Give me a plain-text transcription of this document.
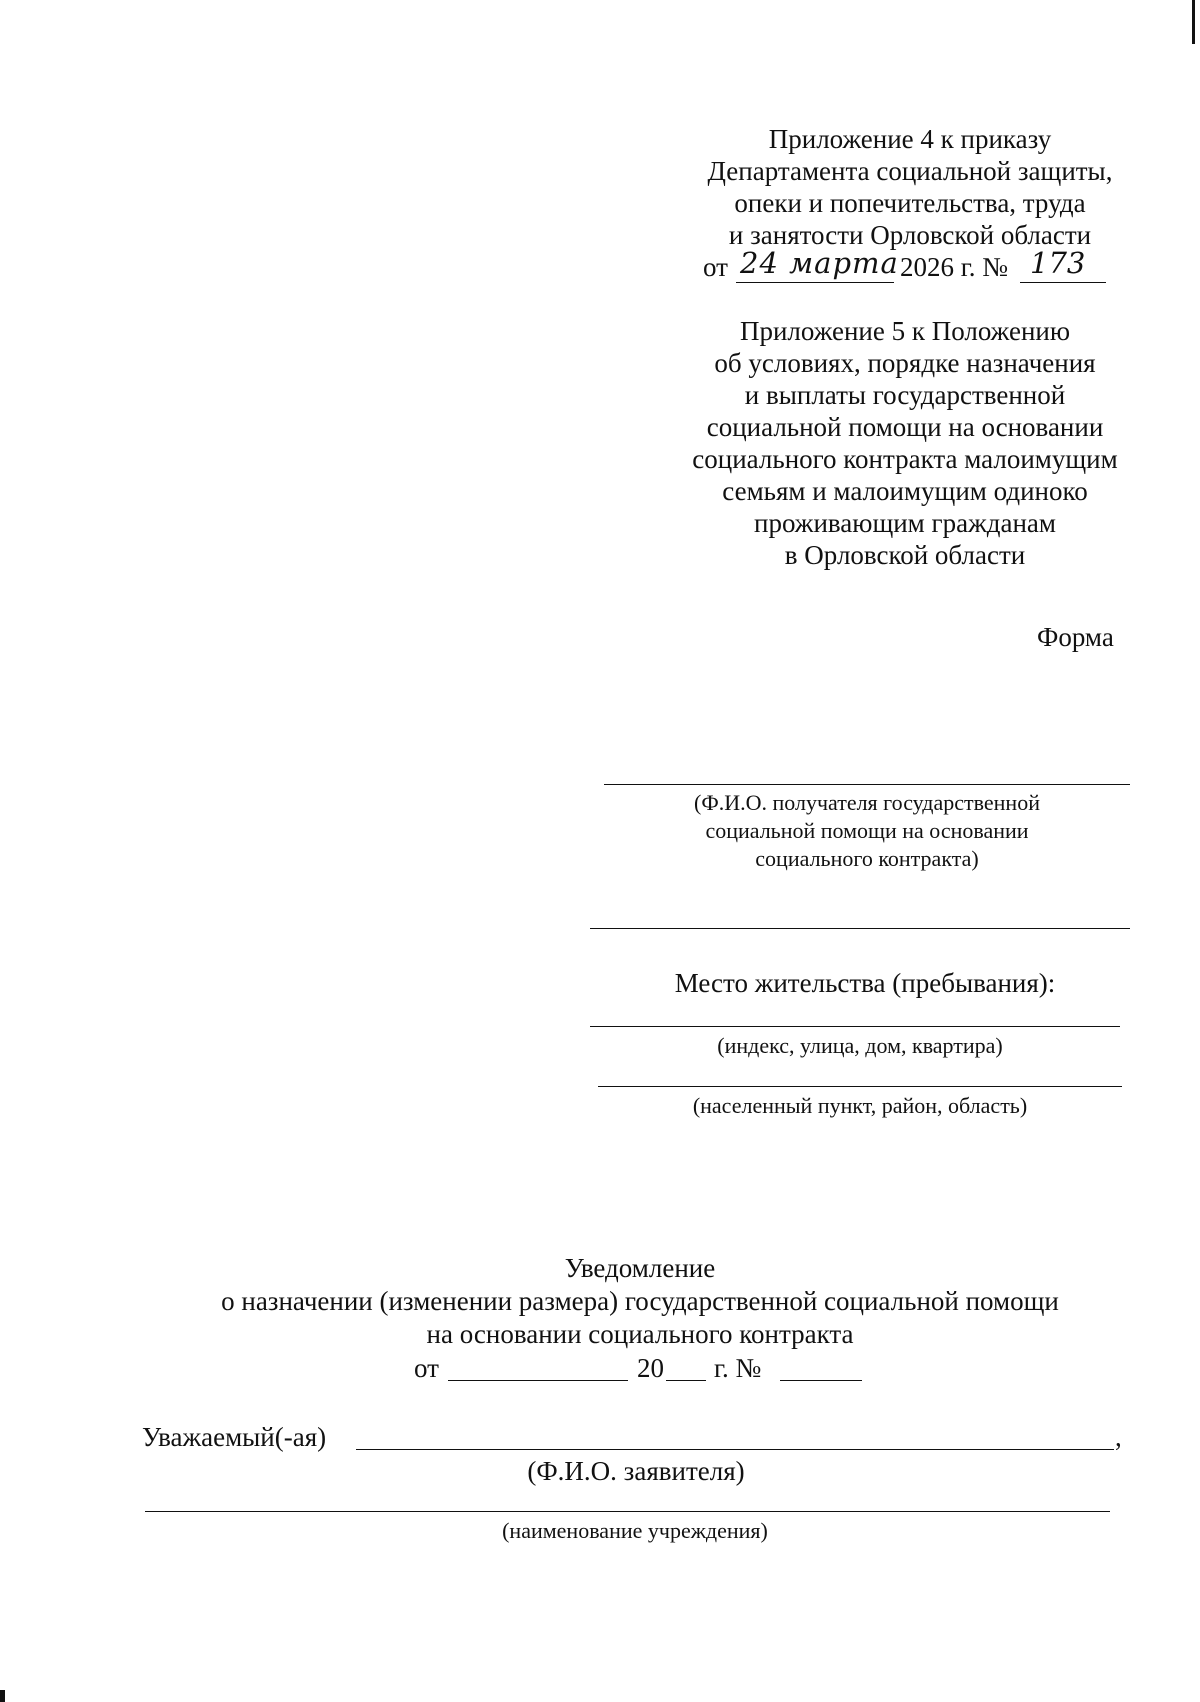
Приложение 4 к приказу
Департамента социальной защиты,
опеки и попечительства, труда
и занятости Орловской области
от 24 марта 2026 г. № 173
Приложение 5 к Положению
об условиях, порядке назначения
и выплаты государственной
социальной помощи на основании
социального контракта малоимущим
семьям и малоимущим одиноко
проживающим гражданам
в Орловской области
Форма
(Ф.И.О. получателя государственной
социальной помощи на основании
социального контракта)
Место жительства (пребывания):
(индекс, улица, дом, квартира)
(населенный пункт, район, область)
Уведомление
о назначении (изменении размера) государственной социальной помощи
на основании социального контракта
от	20 г. №
Уважаемый(-ая)	,
(Ф.И.О. заявителя)
(наименование учреждения)
